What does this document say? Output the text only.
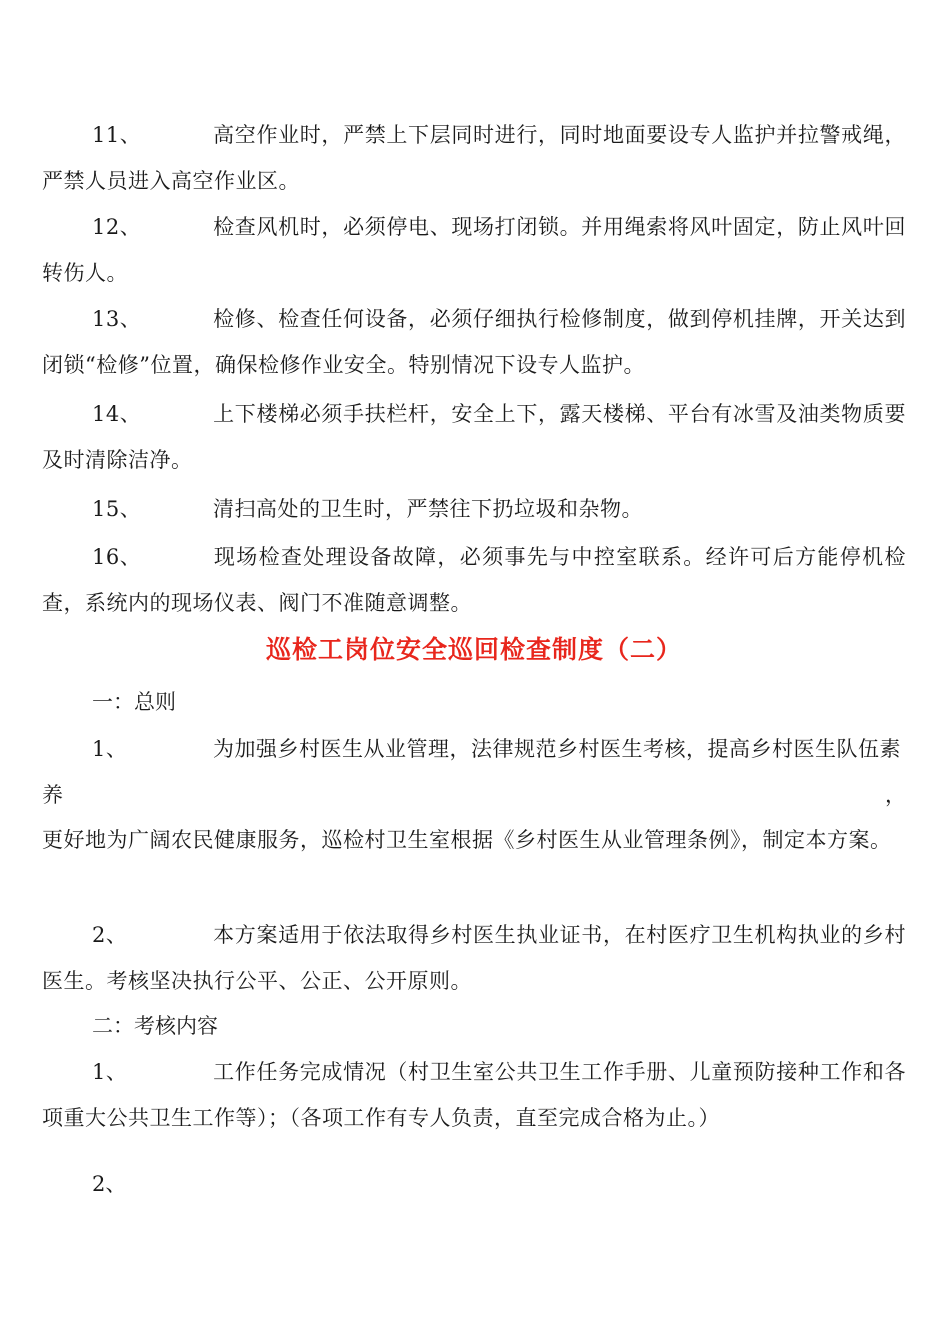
11、	高空作业时，严禁上下层同时进行，同时地面要设专人监护并拉警戒绳，严禁人员进入高空作业区。

12、	检查风机时，必须停电、现场打闭锁。并用绳索将风叶固定，防止风叶回转伤人。

13、	检修、检查任何设备，必须仔细执行检修制度，做到停机挂牌，开关达到闭锁“检修”位置，确保检修作业安全。特别情况下设专人监护。

14、	上下楼梯必须手扶栏杆，安全上下，露天楼梯、平台有冰雪及油类物质要及时清除洁净。

15、	清扫高处的卫生时，严禁往下扔垃圾和杂物。

16、	现场检查处理设备故障，必须事先与中控室联系。经许可后方能停机检查，系统内的现场仪表、阀门不准随意调整。

巡检工岗位安全巡回检查制度（二）

一：总则

1、	为加强乡村医生从业管理，法律规范乡村医生考核，提高乡村医生队伍素

养	，

更好地为广阔农民健康服务，巡检村卫生室根据《乡村医生从业管理条例》，制定本方案。

2、	本方案适用于依法取得乡村医生执业证书，在村医疗卫生机构执业的乡村医生。考核坚决执行公平、公正、公开原则。

二：考核内容

1、	工作任务完成情况（村卫生室公共卫生工作手册、儿童预防接种工作和各项重大公共卫生工作等）；（各项工作有专人负责，直至完成合格为止。）

2、
